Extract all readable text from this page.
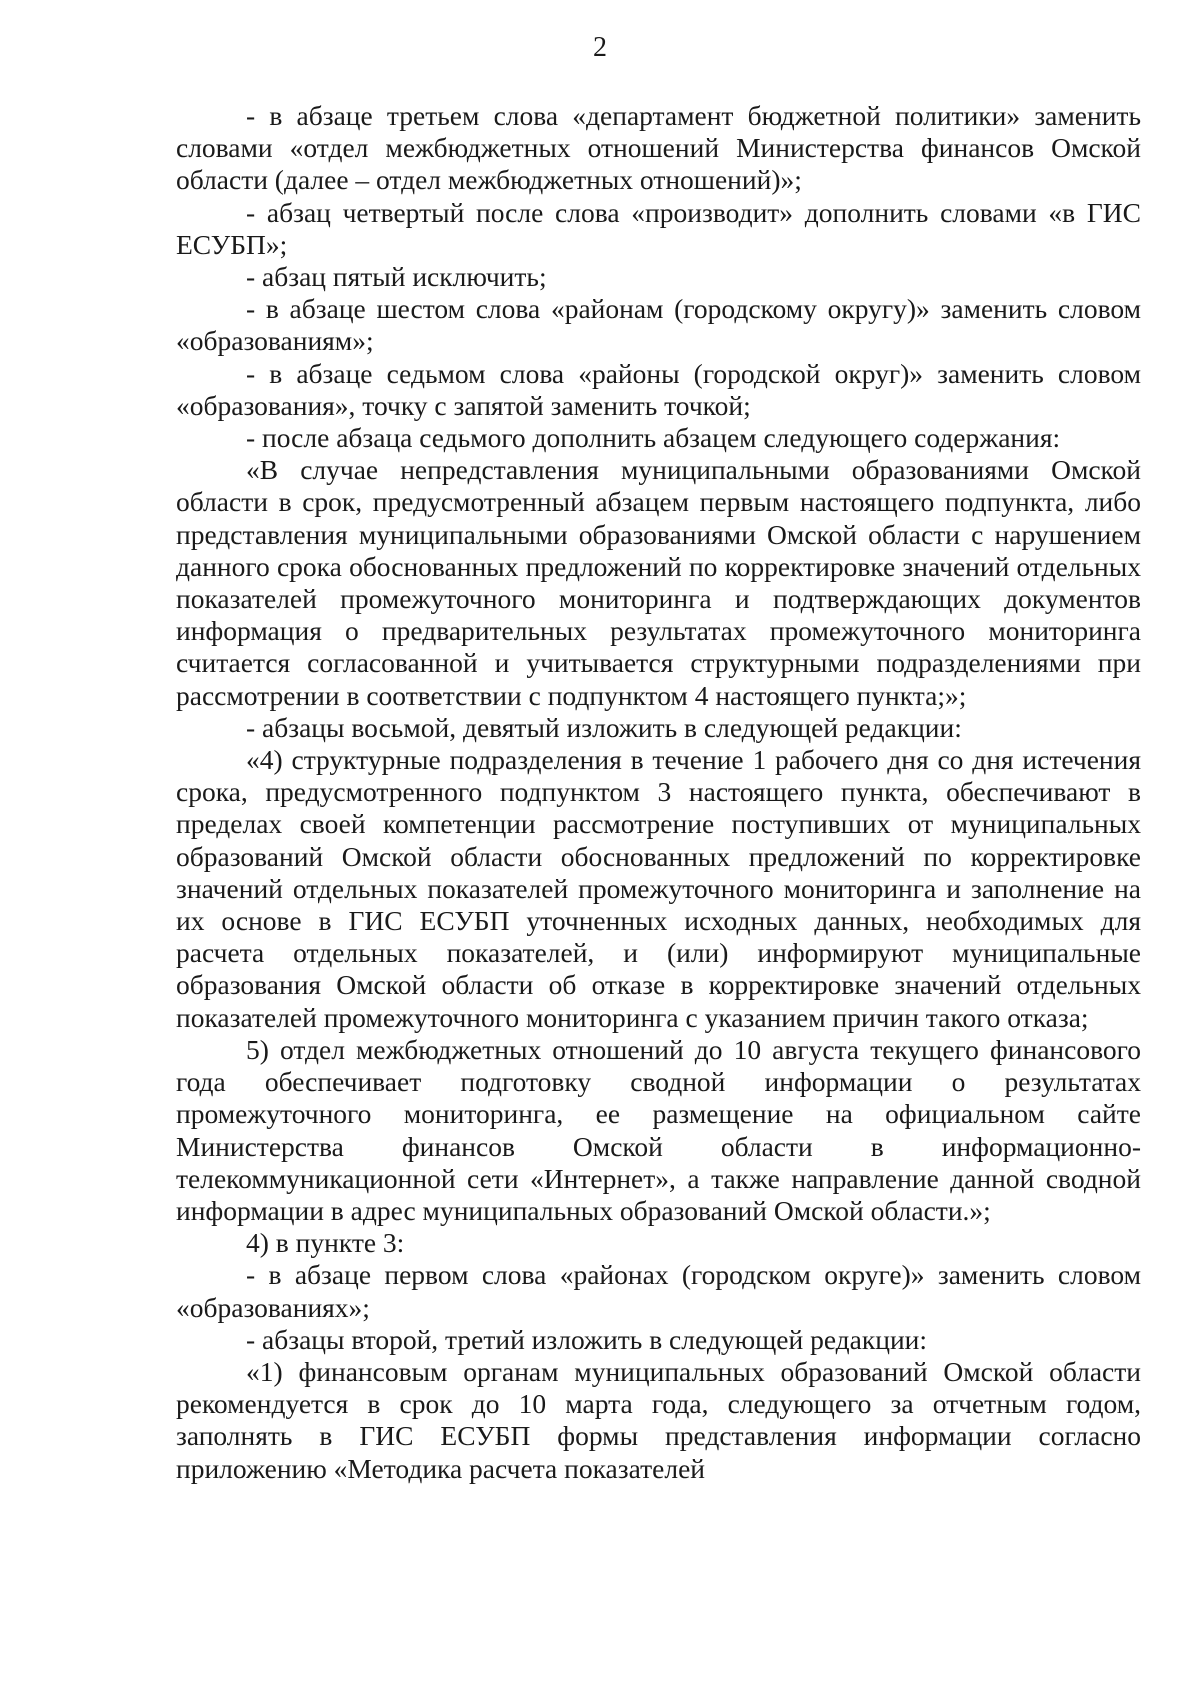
2

- в абзаце третьем слова «департамент бюджетной политики» заменить словами «отдел межбюджетных отношений Министерства финансов Омской области (далее – отдел межбюджетных отношений)»;

- абзац четвертый после слова «производит» дополнить словами «в ГИС ЕСУБП»;

- абзац пятый исключить;

- в абзаце шестом слова «районам (городскому округу)» заменить словом «образованиям»;

- в абзаце седьмом слова «районы (городской округ)» заменить словом «образования», точку с запятой заменить точкой;

- после абзаца седьмого дополнить абзацем следующего содержания:

«В случае непредставления муниципальными образованиями Омской области в срок, предусмотренный абзацем первым настоящего подпункта, либо представления муниципальными образованиями Омской области с нарушением данного срока обоснованных предложений по корректировке значений отдельных показателей промежуточного мониторинга и подтверждающих документов информация о предварительных результатах промежуточного мониторинга считается согласованной и учитывается структурными подразделениями при рассмотрении в соответствии с подпунктом 4 настоящего пункта;»;

- абзацы восьмой, девятый изложить в следующей редакции:

«4) структурные подразделения в течение 1 рабочего дня со дня истечения срока, предусмотренного подпунктом 3 настоящего пункта, обеспечивают в пределах своей компетенции рассмотрение поступивших от муниципальных образований Омской области обоснованных предложений по корректировке значений отдельных показателей промежуточного мониторинга и заполнение на их основе в ГИС ЕСУБП уточненных исходных данных, необходимых для расчета отдельных показателей, и (или) информируют муниципальные образования Омской области об отказе в корректировке значений отдельных показателей промежуточного мониторинга с указанием причин такого отказа;

5) отдел межбюджетных отношений до 10 августа текущего финансового года обеспечивает подготовку сводной информации о результатах промежуточного мониторинга, ее размещение на официальном сайте Министерства финансов Омской области в информационно-телекоммуникационной сети «Интернет», а также направление данной сводной информации в адрес муниципальных образований Омской области.»;

4) в пункте 3:

- в абзаце первом слова «районах (городском округе)» заменить словом «образованиях»;

- абзацы второй, третий изложить в следующей редакции:

«1) финансовым органам муниципальных образований Омской области рекомендуется в срок до 10 марта года, следующего за отчетным годом, заполнять в ГИС ЕСУБП формы представления информации согласно приложению «Методика расчета показателей
